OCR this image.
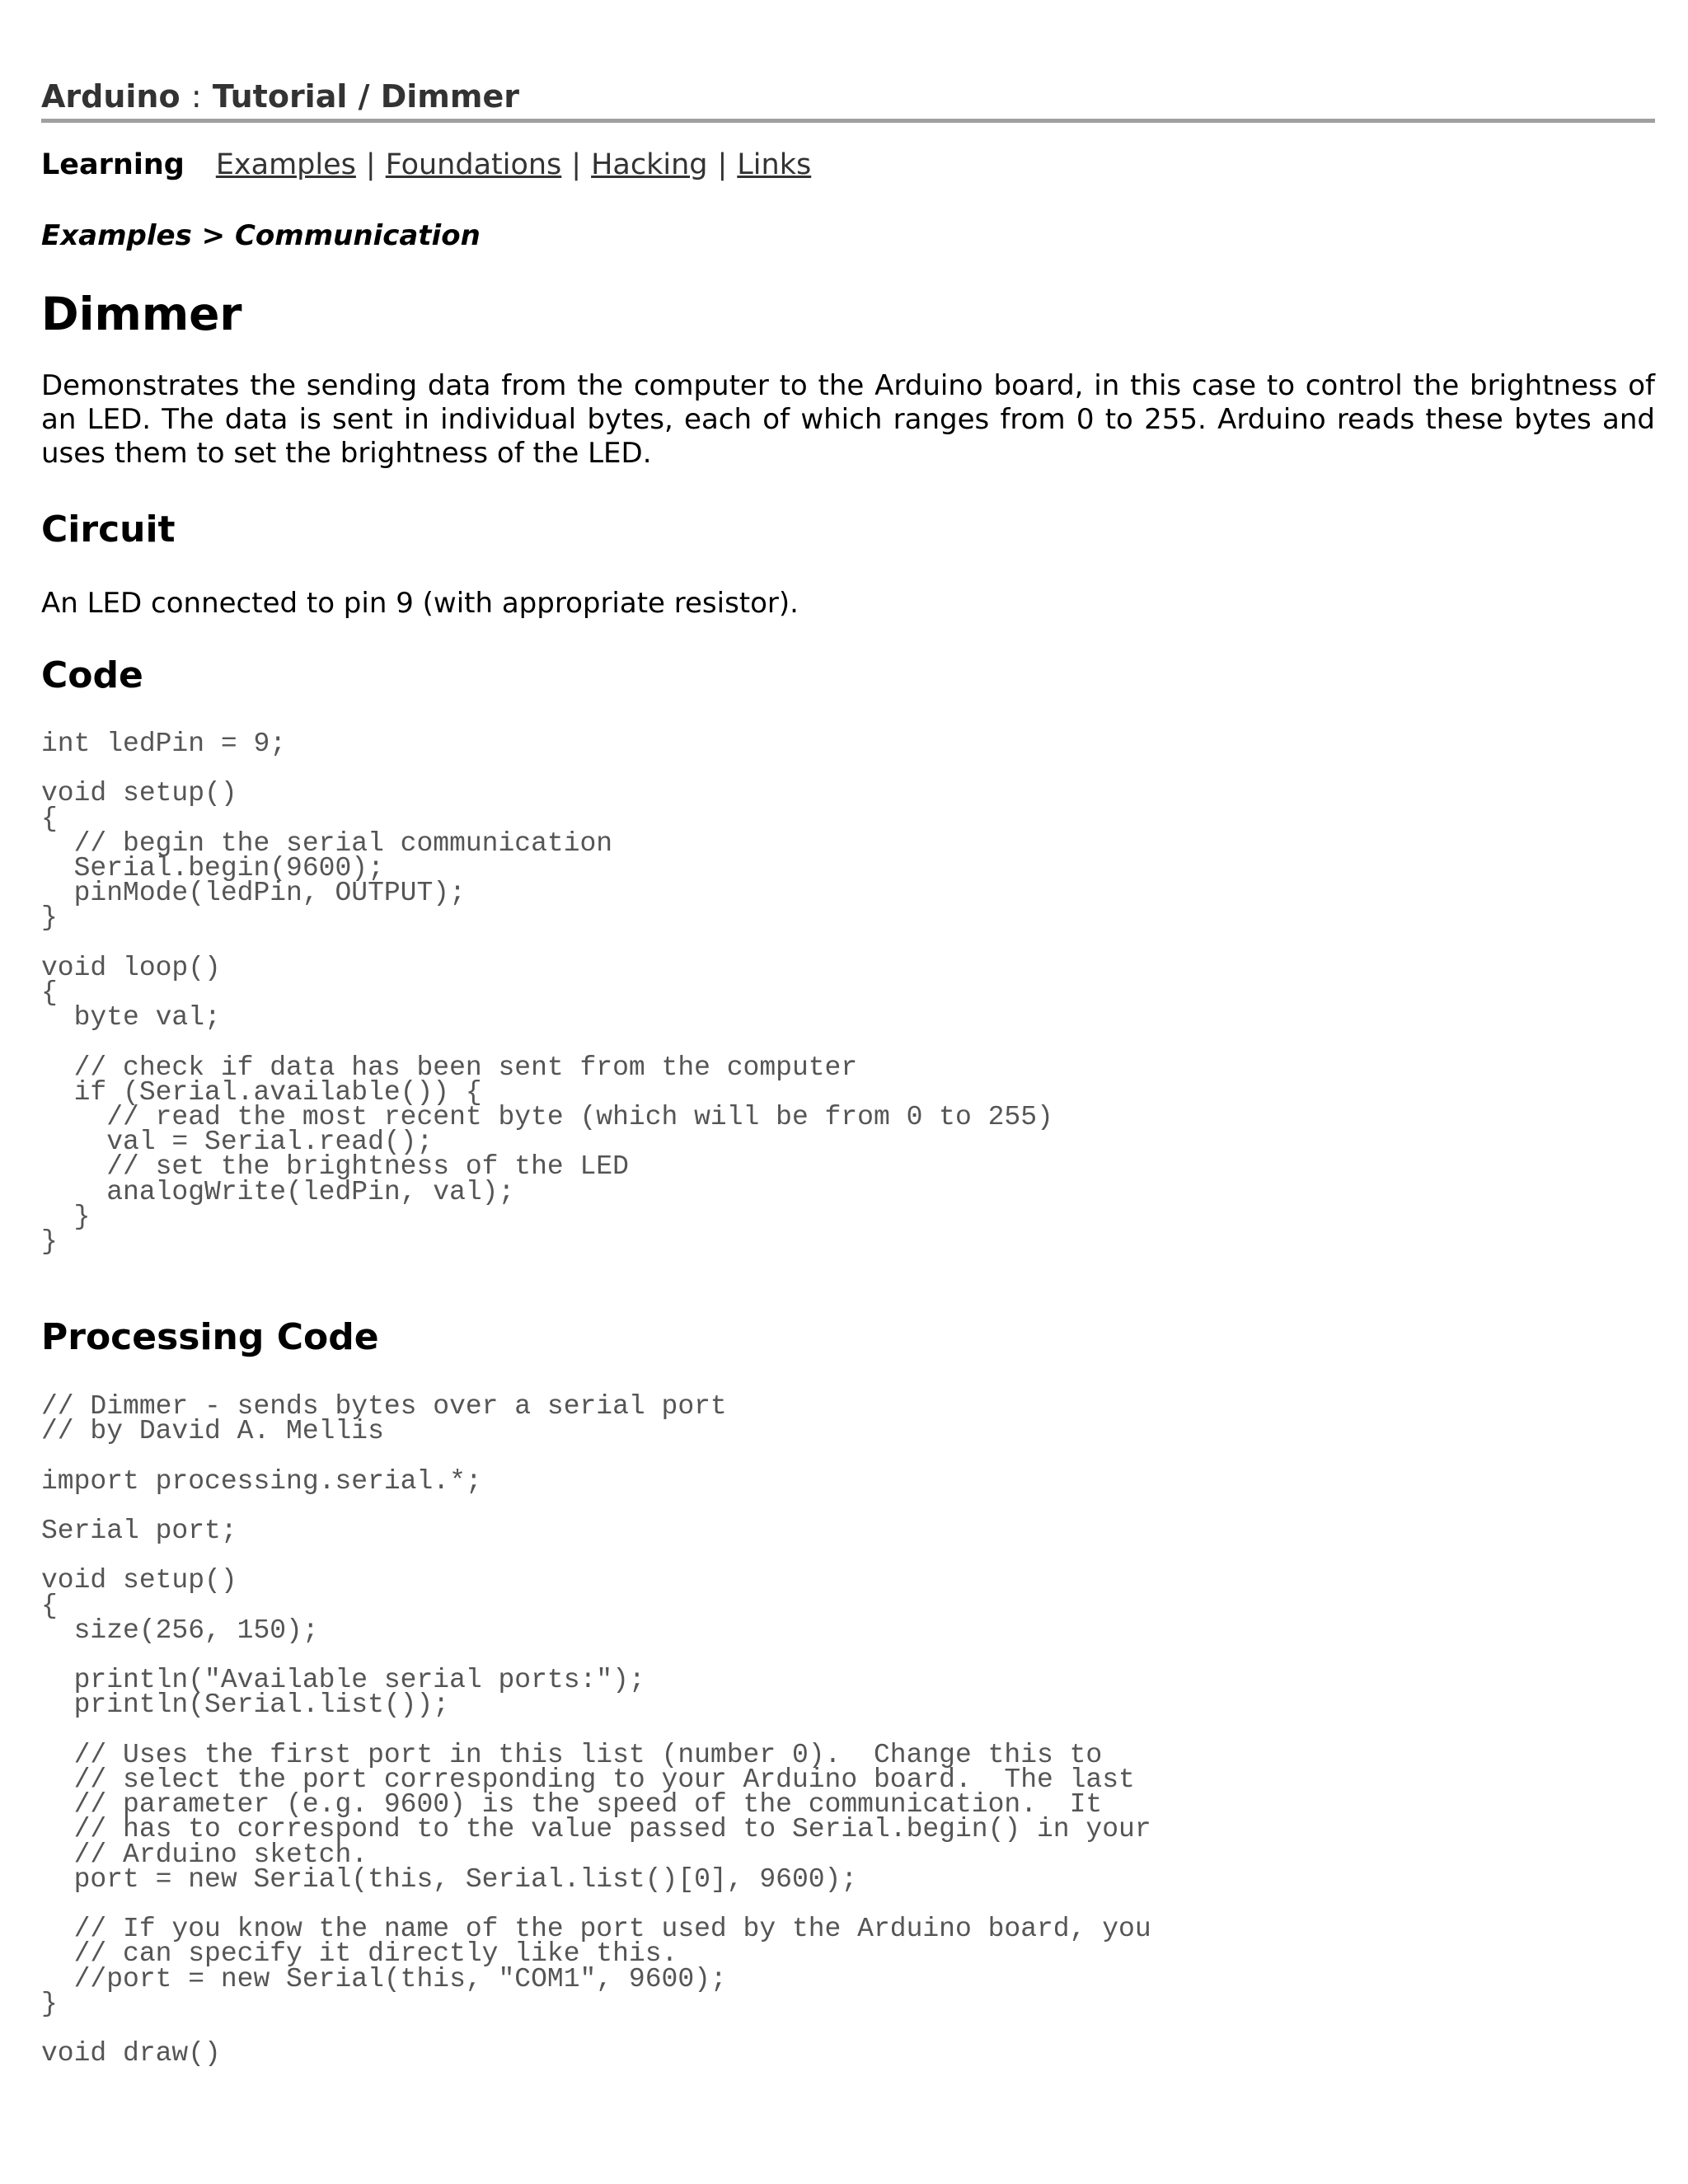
Arduino : Tutorial / Dimmer
Learning Examples | Foundations | Hacking | Links
Examples > Communication
Dimmer

Demonstrates the sending data from the computer to the Arduino board, in this case to control the brightness of an LED. The data is sent in individual bytes, each of which ranges from 0 to 255. Arduino reads these bytes and uses them to set the brightness of the LED.

Circuit

An LED connected to pin 9 (with appropriate resistor).

Code
int ledPin = 9;

void setup()
{
// begin the serial communication
Serial.begin(9600);
pinMode(ledPin, OUTPUT);
}

void loop()
{
byte val;

// check if data has been sent from the computer
if (Serial.available()) {
// read the most recent byte (which will be from 0 to 255)
val = Serial.read();
// set the brightness of the LED
analogWrite(ledPin, val);
}
}
Processing Code
// Dimmer - sends bytes over a serial port
// by David A. Mellis

import processing.serial.*;

Serial port;

void setup()
{
size(256, 150);

println("Available serial ports:");
println(Serial.list());

// Uses the first port in this list (number 0).  Change this to
// select the port corresponding to your Arduino board.  The last
// parameter (e.g. 9600) is the speed of the communication.  It
// has to correspond to the value passed to Serial.begin() in your
// Arduino sketch.
port = new Serial(this, Serial.list()[0], 9600);

// If you know the name of the port used by the Arduino board, you
// can specify it directly like this.
//port = new Serial(this, "COM1", 9600);
}

void draw()
